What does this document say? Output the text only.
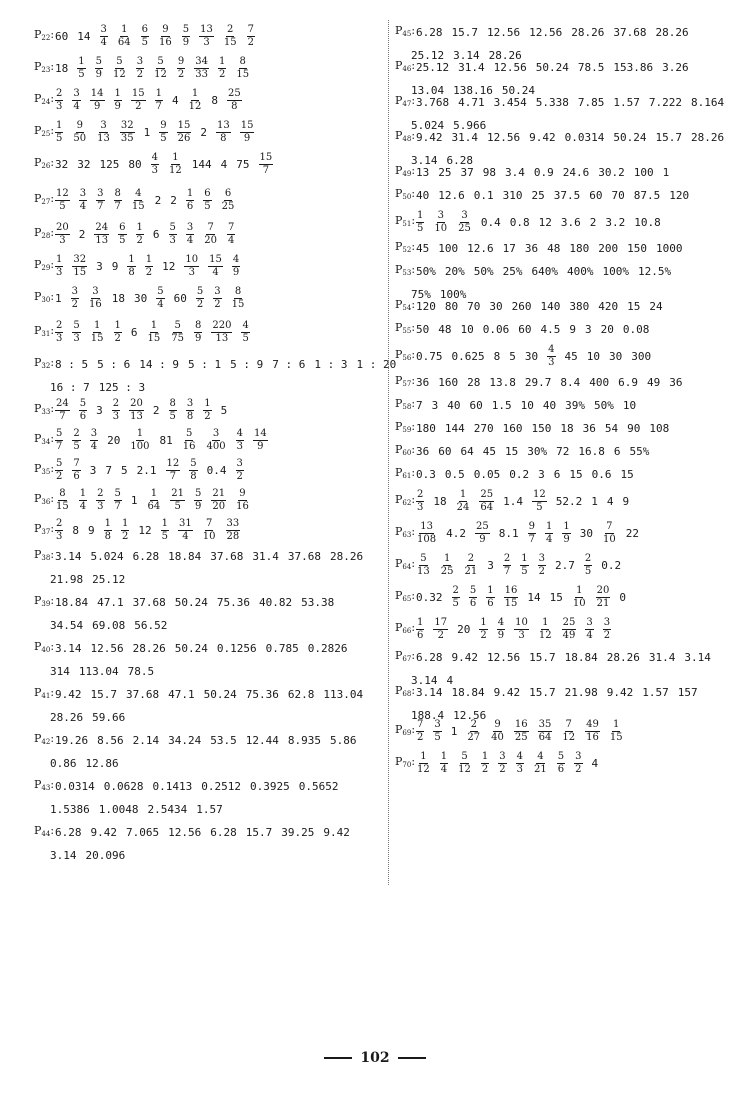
$P_{22}$: 60 $14 \frac{3}{4} \frac{1}{64} \frac{6}{5} \frac{9}{16} \frac{5}{9} \frac{13}{3} \frac{2}{15} \frac{7}{2}$
$P_{23}$: $18 \frac{1}{5} \frac{5}{9} \frac{5}{12} \frac{3}{2} \frac{5}{12} \frac{9}{2} \frac{34}{33} \frac{1}{2} \frac{8}{15}$
$P_{24}$: $\frac{2}{3} \frac{3}{4} \frac{14}{9} \frac{1}{9} \frac{15}{2} \frac{1}{7} 4 \frac{1}{12} 8 \frac{25}{8}$
$P_{25}$: $\frac{1}{5} \frac{9}{50} \frac{3}{13} \frac{32}{35} 1 \frac{9}{5} \frac{15}{26} 2 \frac{13}{8} \frac{15}{9}$
$P_{26}$: 32 32 125 $80 \frac{4}{3} \frac{1}{12} 144$ 4 $75 \frac{15}{7}$
$P_{27}$: $\frac{12}{5} \frac{3}{4} \frac{3}{7} \frac{8}{7} \frac{4}{15} 2$ $2 \frac{1}{6} \frac{6}{5} \frac{6}{25}$
$P_{28}$: $\frac{20}{3} 2 \frac{24}{13} \frac{6}{5} \frac{1}{2} 6 \frac{5}{3} \frac{3}{4} \frac{7}{20} \frac{7}{4}$
$P_{29}$: $\frac{1}{3} \frac{32}{15} 3$ $9 \frac{1}{8} \frac{1}{2} 12 \frac{10}{3} \frac{15}{4} \frac{4}{9}$
$P_{30}$: $1 \frac{3}{2} \frac{3}{16} 18$ $30 \frac{5}{4} 60 \frac{5}{2} \frac{3}{2} \frac{8}{15}$
$P_{31}$: $\frac{2}{3} \frac{5}{3} \frac{1}{15} \frac{1}{2} 6 \frac{1}{15} \frac{5}{75} \frac{8}{9} \frac{220}{13} \frac{4}{5}$
$P_{32}$: 8 : 5 5 : 6 14 : 9 5 : 1 5 : 9 7 : 6 1 : 3 1 : 20
16 : 7 125 : 3
$P_{33}$: $\frac{24}{7} \frac{5}{6} 3 \frac{2}{3} \frac{20}{13} 2 \frac{8}{5} \frac{3}{8} \frac{1}{2} 5$
$P_{34}$: $\frac{5}{7} \frac{2}{5} \frac{3}{4} 20 \frac{1}{100} 81 \frac{5}{16} \frac{3}{400} \frac{4}{3} \frac{14}{9}$
$P_{35}$: $\frac{5}{2} \frac{7}{6} 3$ 7 5 $2.1 \frac{12}{7} \frac{5}{8} 0.4 \frac{3}{2}$
$P_{36}$: $\frac{8}{15} \frac{1}{4} \frac{2}{3} \frac{5}{7} 1 \frac{1}{64} \frac{21}{5} \frac{5}{9} \frac{21}{20} \frac{9}{16}$
$P_{37}$: $\frac{2}{3} 8$ $9 \frac{1}{8} \frac{1}{2} 12 \frac{1}{5} \frac{31}{4} \frac{7}{10} \frac{33}{28}$
$P_{38}$: 3.14 5.024 6.28 18.84 37.68 31.4 37.68 28.26
21.98 25.12
$P_{39}$: 18.84 47.1 37.68 50.24 75.36 40.82 53.38
34.54 69.08 56.52
$P_{40}$: 3.14 12.56 28.26 50.24 0.1256 0.785 0.2826
314 113.04 78.5
$P_{41}$: 9.42 15.7 37.68 47.1 50.24 75.36 62.8 113.04
28.26 59.66
$P_{42}$: 19.26 8.56 2.14 34.24 53.5 12.44 8.935 5.86
0.86 12.86
$P_{43}$: 0.0314 0.0628 0.1413 0.2512 0.3925 0.5652
1.5386 1.0048 2.5434 1.57
$P_{44}$: 6.28 9.42 7.065 12.56 6.28 15.7 39.25 9.42
3.14 20.096
$P_{45}$: 6.28 15.7 12.56 12.56 28.26 37.68 28.26
25.12 3.14 28.26
$P_{46}$: 25.12 31.4 12.56 50.24 78.5 153.86 3.26
13.04 138.16 50.24
$P_{47}$: 3.768 4.71 3.454 5.338 7.85 1.57 7.222 8.164
5.024 5.966
$P_{48}$: 9.42 31.4 12.56 9.42 0.0314 50.24 15.7 28.26
3.14 6.28
$P_{49}$: 13 25 37 98 3.4 0.9 24.6 30.2 100 1
$P_{50}$: 40 12.6 0.1 310 25 37.5 60 70 87.5 120
$P_{51}$: $\frac{1}{5} \frac{3}{10} \frac{3}{25} 0.4$ 0.8 12 3.6 2 3.2 10.8
$P_{52}$: 45 100 12.6 17 36 48 180 200 150 1000
$P_{53}$: 50% 20% 50% 25% 640% 400% 100% 12.5%
75% 100%
$P_{54}$: 120 80 70 30 260 140 380 420 15 24
$P_{55}$: 50 48 10 0.06 60 4.5 9 3 20 0.08
$P_{56}$: 0.75 0.625 8 5 $30 \frac{4}{3} 45$ 10 30 300
$P_{57}$: 36 160 28 13.8 29.7 8.4 400 6.9 49 36
$P_{58}$: 7 3 40 60 1.5 10 40 39% 50% 10
$P_{59}$: 180 144 270 160 150 18 36 54 90 108
$P_{60}$: 36 60 64 45 15 30% 72 16.8 6 55%
$P_{61}$: 0.3 0.5 0.05 0.2 3 6 15 0.6 15
$P_{62}$: $\frac{2}{3} 18 \frac{1}{24} \frac{25}{64} 1.4 \frac{12}{5} 52.2$ 1 4 9
$P_{63}$: $\frac{13}{108} 4.2 \frac{25}{9} 8.1 \frac{9}{7} \frac{1}{4} \frac{1}{9} 30 \frac{7}{10} 22$
$P_{64}$: $\frac{5}{13} \frac{1}{25} \frac{2}{21} 3 \frac{2}{7} \frac{1}{5} \frac{3}{2} 2.7 \frac{2}{5} 0.2$
$P_{65}$: $0.32 \frac{2}{5} \frac{5}{6} \frac{1}{6} \frac{16}{15} 14$ $15 \frac{1}{10} \frac{20}{21} 0$
$P_{66}$: $\frac{1}{6} \frac{17}{2} 20 \frac{1}{2} \frac{4}{9} \frac{10}{3} \frac{1}{12} \frac{25}{49} \frac{3}{4} \frac{3}{2}$
$P_{67}$: 6.28 9.42 12.56 15.7 18.84 28.26 31.4 3.14
3.14 4
$P_{68}$: 3.14 18.84 9.42 15.7 21.98 9.42 1.57 157
188.4 12.56
$P_{69}$: $\frac{7}{2} \frac{3}{5} 1 \frac{2}{27} \frac{9}{40} \frac{16}{25} \frac{35}{64} \frac{7}{12} \frac{49}{16} \frac{1}{15}$
$P_{70}$: $\frac{1}{12} \frac{1}{4} \frac{5}{12} \frac{1}{2} \frac{3}{2} \frac{4}{3} \frac{4}{21} \frac{5}{6} \frac{3}{2} 4$
102
